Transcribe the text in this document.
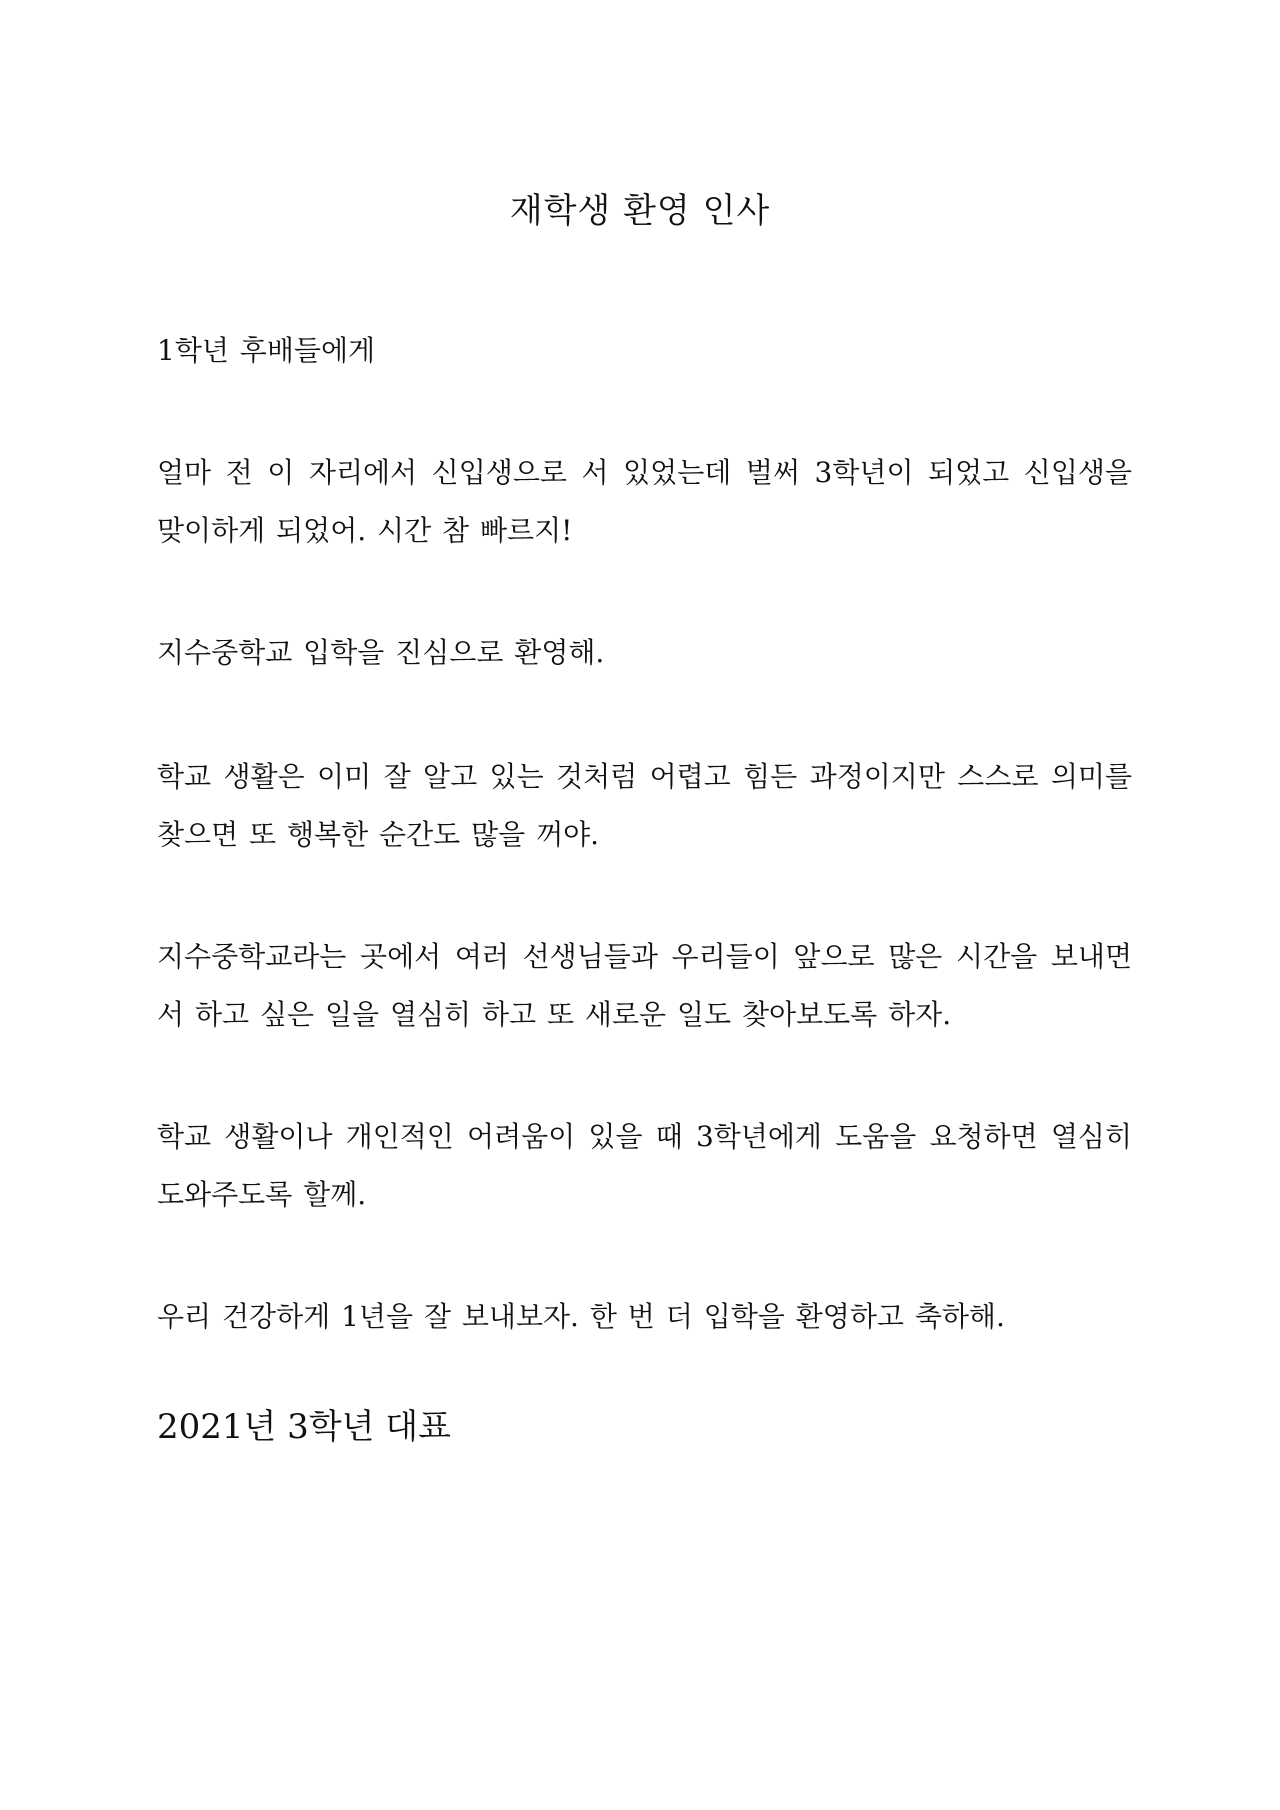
재학생 환영 인사
1학년 후배들에게
얼마 전 이 자리에서 신입생으로 서 있었는데 벌써 3학년이 되었고 신입생을 맞이하게 되었어. 시간 참 빠르지!
지수중학교 입학을 진심으로 환영해.
학교 생활은 이미 잘 알고 있는 것처럼 어렵고 힘든 과정이지만 스스로 의미를 찾으면 또 행복한 순간도 많을 꺼야.
지수중학교라는 곳에서 여러 선생님들과 우리들이 앞으로 많은 시간을 보내면서 하고 싶은 일을 열심히 하고 또 새로운 일도 찾아보도록 하자.
학교 생활이나 개인적인 어려움이 있을 때 3학년에게 도움을 요청하면 열심히 도와주도록 할께.
우리 건강하게 1년을 잘 보내보자. 한 번 더 입학을 환영하고 축하해.
2021년 3학년 대표
